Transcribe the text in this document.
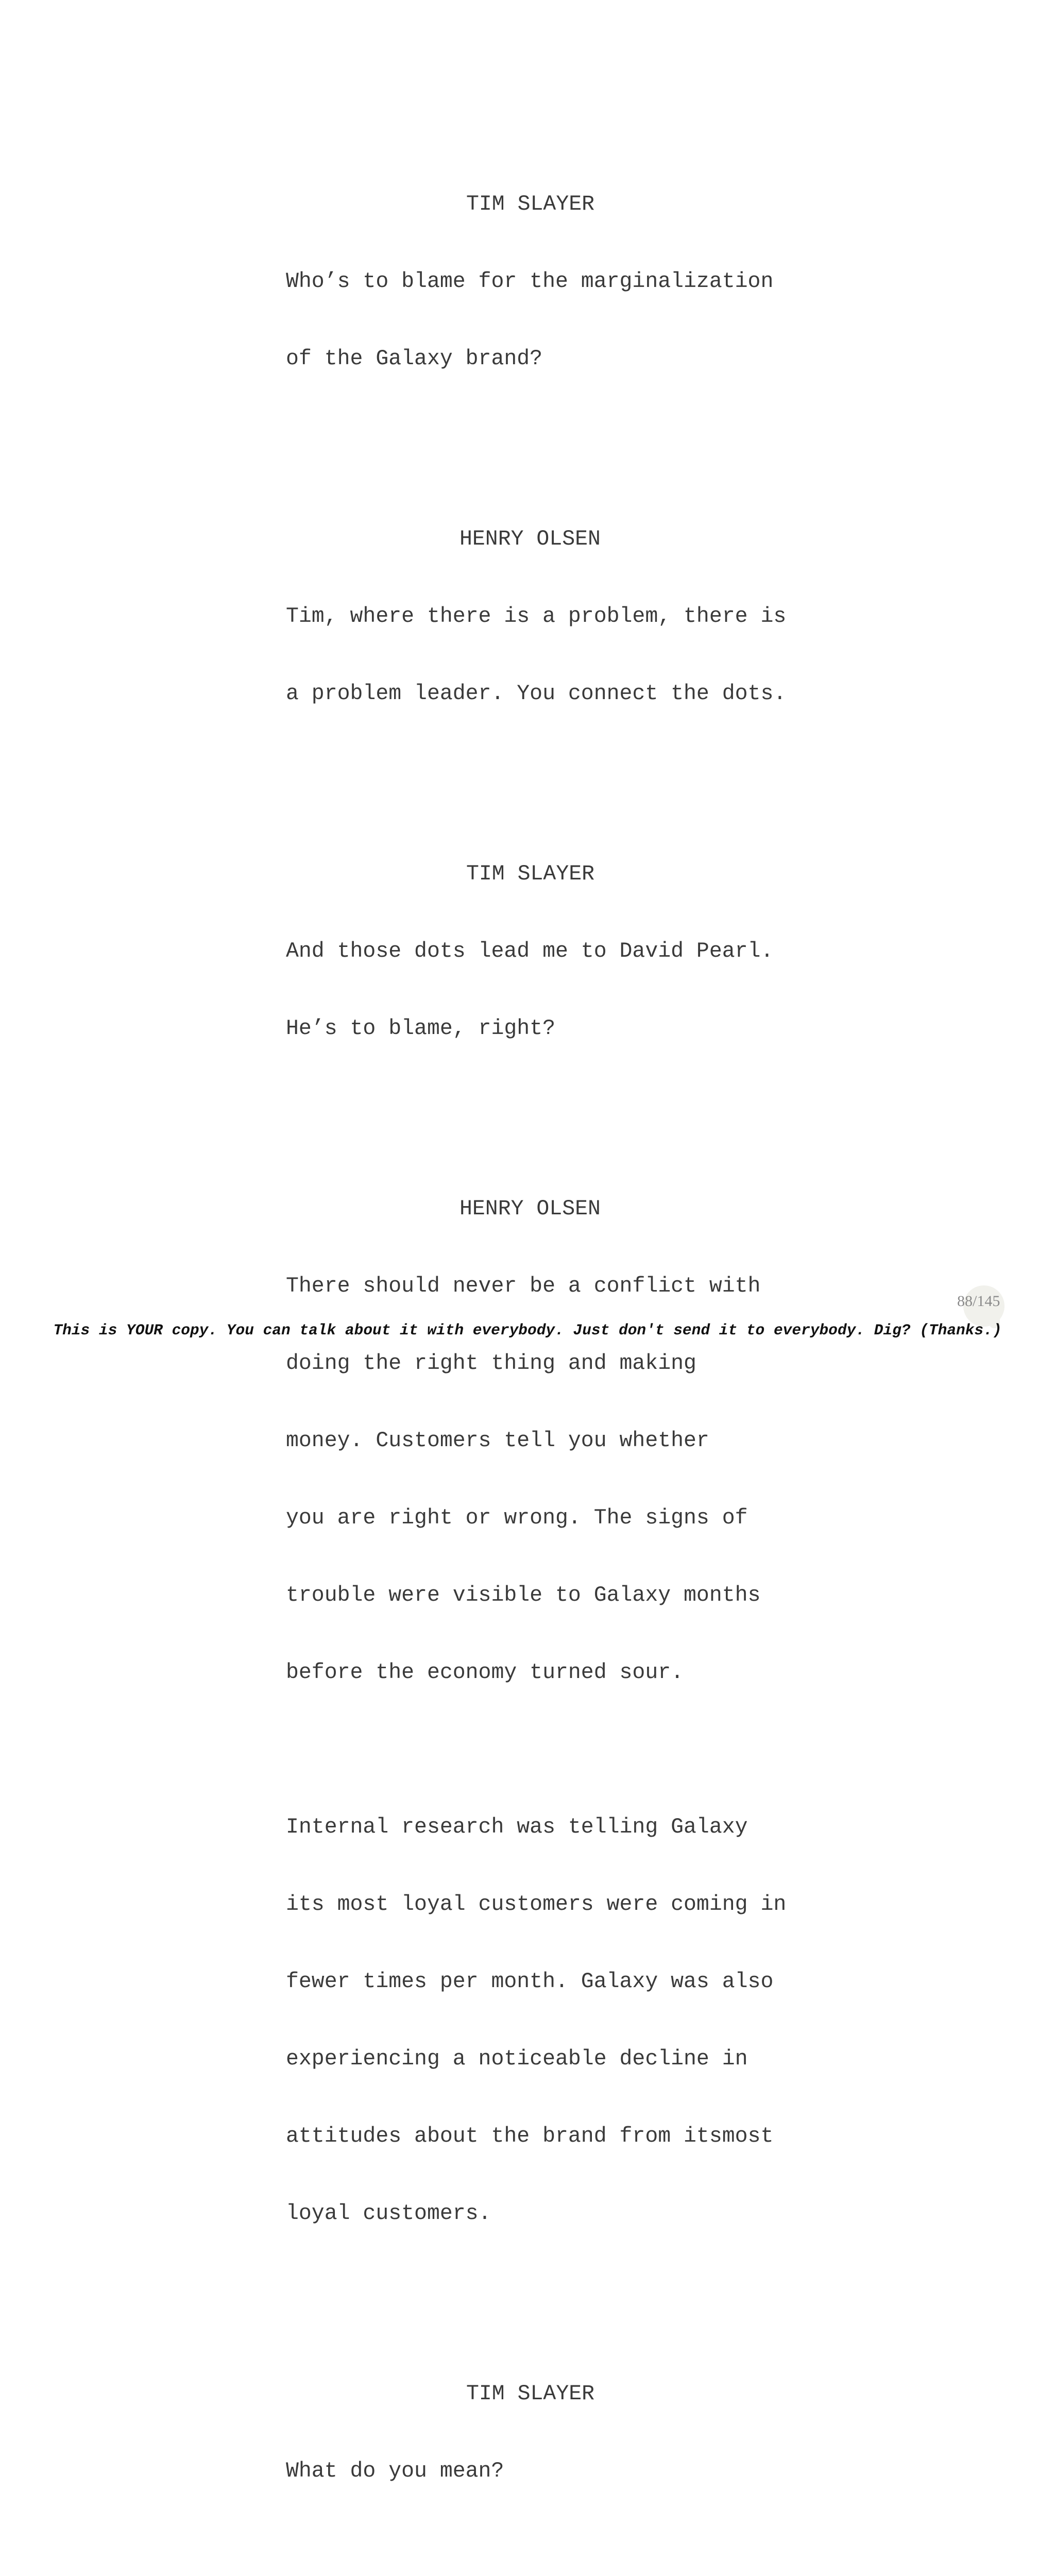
TIM SLAYER

Who’s to blame for the marginalization

of the Galaxy brand?

HENRY OLSEN

Tim, where there is a problem, there is

a problem leader. You connect the dots.

TIM SLAYER

And those dots lead me to David Pearl.

He’s to blame, right?

HENRY OLSEN

There should never be a conflict with

doing the right thing and making

money. Customers tell you whether

you are right or wrong. The signs of

trouble were visible to Galaxy months

before the economy turned sour.

Internal research was telling Galaxy

its most loyal customers were coming in

fewer times per month. Galaxy was also

experiencing a noticeable decline in

attitudes about the brand from itsmost

loyal customers.

TIM SLAYER

What do you mean?

88/145
This is YOUR copy. You can talk about it with everybody. Just don't send it to everybody. Dig? (Thanks.)
